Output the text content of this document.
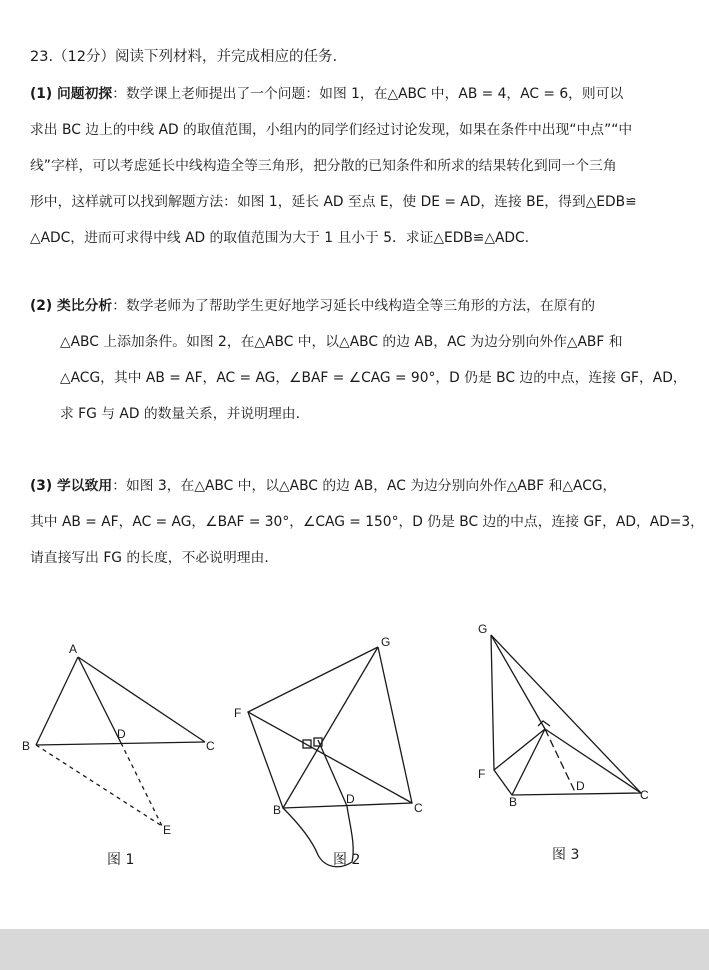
23.（12分）阅读下列材料，并完成相应的任务.
(1) 问题初探：数学课上老师提出了一个问题：如图 1，在△ABC 中，AB = 4，AC = 6，则可以
求出 BC 边上的中线 AD 的取值范围，小组内的同学们经过讨论发现，如果在条件中出现“中点”“中
线”字样，可以考虑延长中线构造全等三角形，把分散的已知条件和所求的结果转化到同一个三角
形中，这样就可以找到解题方法：如图 1，延长 AD 至点 E，使 DE = AD，连接 BE，得到△EDB≌
△ADC，进而可求得中线 AD 的取值范围为大于 1 且小于 5．求证△EDB≌△ADC.
(2) 类比分析：数学老师为了帮助学生更好地学习延长中线构造全等三角形的方法，在原有的
△ABC 上添加条件。如图 2，在△ABC 中，以△ABC 的边 AB，AC 为边分别向外作△ABF 和
△ACG，其中 AB = AF，AC = AG，∠BAF = ∠CAG = 90°，D 仍是 BC 边的中点，连接 GF，AD，
求 FG 与 AD 的数量关系，并说明理由.
(3) 学以致用：如图 3，在△ABC 中，以△ABC 的边 AB，AC 为边分别向外作△ABF 和△ACG，
其中 AB = AF，AC = AG，∠BAF = 30°，∠CAG = 150°，D 仍是 BC 边的中点，连接 GF，AD，AD=3，
请直接写出 FG 的长度，不必说明理由.
A
B	C
D
E
G
F
B	C
D
G
F
B	C
D
图 1	图 2	图 3
